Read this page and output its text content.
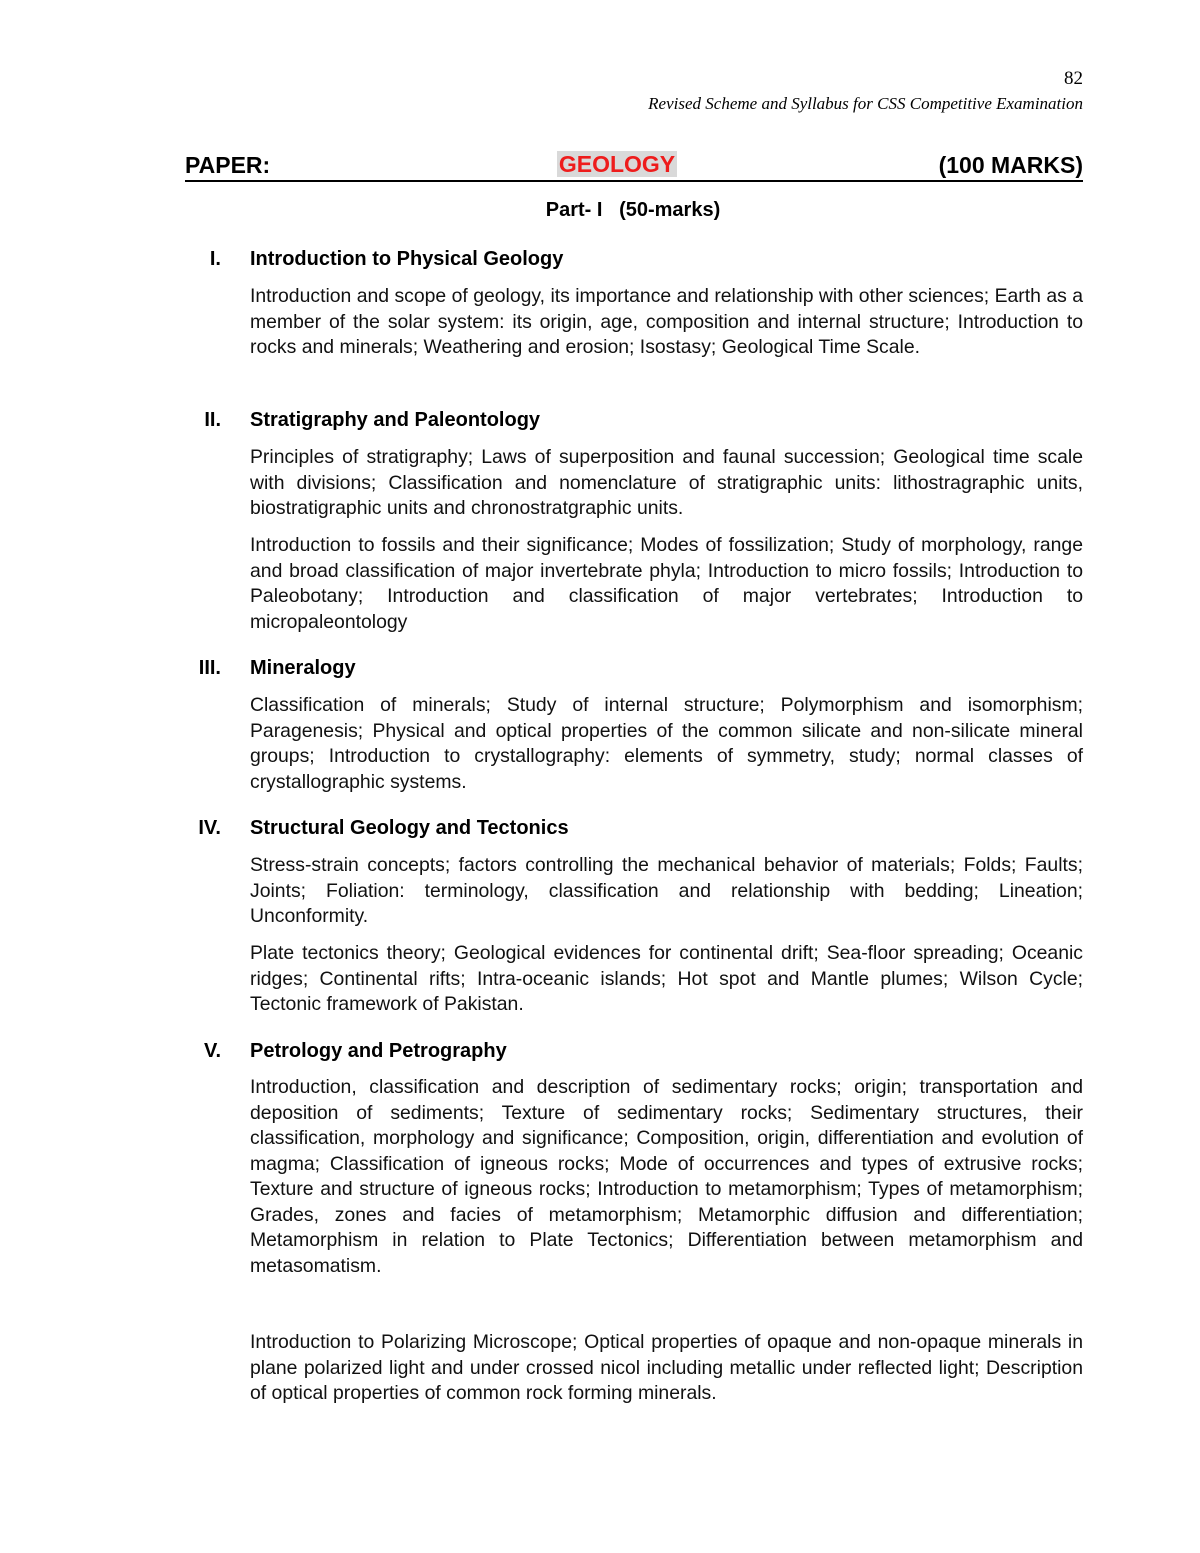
82
Revised Scheme and Syllabus for CSS Competitive Examination
PAPER:	GEOLOGY	(100 MARKS)
Part- I   (50-marks)
I. Introduction to Physical Geology
Introduction and scope of geology, its importance and relationship with other sciences; Earth as a member of the solar system: its origin, age, composition and internal structure; Introduction to rocks and minerals; Weathering and erosion; Isostasy; Geological Time Scale.
II. Stratigraphy and Paleontology
Principles of stratigraphy; Laws of superposition and faunal succession; Geological time scale with divisions; Classification and nomenclature of stratigraphic units: lithostragraphic units, biostratigraphic units and chronostratgraphic units.
Introduction to fossils and their significance; Modes of fossilization; Study of morphology, range and broad classification of major invertebrate phyla; Introduction to micro fossils; Introduction to Paleobotany; Introduction and classification of major vertebrates; Introduction to micropaleontology
III. Mineralogy
Classification of minerals; Study of internal structure; Polymorphism and isomorphism; Paragenesis; Physical and optical properties of the common silicate and non-silicate mineral groups; Introduction to crystallography: elements of symmetry, study; normal classes of crystallographic systems.
IV. Structural Geology and Tectonics
Stress-strain concepts; factors controlling the mechanical behavior of materials; Folds; Faults; Joints; Foliation: terminology, classification and relationship with bedding; Lineation; Unconformity.
Plate tectonics theory; Geological evidences for continental drift; Sea-floor spreading; Oceanic ridges; Continental rifts; Intra-oceanic islands; Hot spot and Mantle plumes; Wilson Cycle; Tectonic framework of Pakistan.
V. Petrology and Petrography
Introduction, classification and description of sedimentary rocks; origin; transportation and deposition of sediments; Texture of sedimentary rocks; Sedimentary structures, their classification, morphology and significance; Composition, origin, differentiation and evolution of magma; Classification of igneous rocks; Mode of occurrences and types of extrusive rocks; Texture and structure of igneous rocks; Introduction to metamorphism; Types of metamorphism; Grades, zones and facies of metamorphism; Metamorphic diffusion and differentiation; Metamorphism in relation to Plate Tectonics; Differentiation between metamorphism and metasomatism.
Introduction to Polarizing Microscope; Optical properties of opaque and non-opaque minerals in plane polarized light and under crossed nicol including metallic under reflected light; Description of optical properties of common rock forming minerals.
